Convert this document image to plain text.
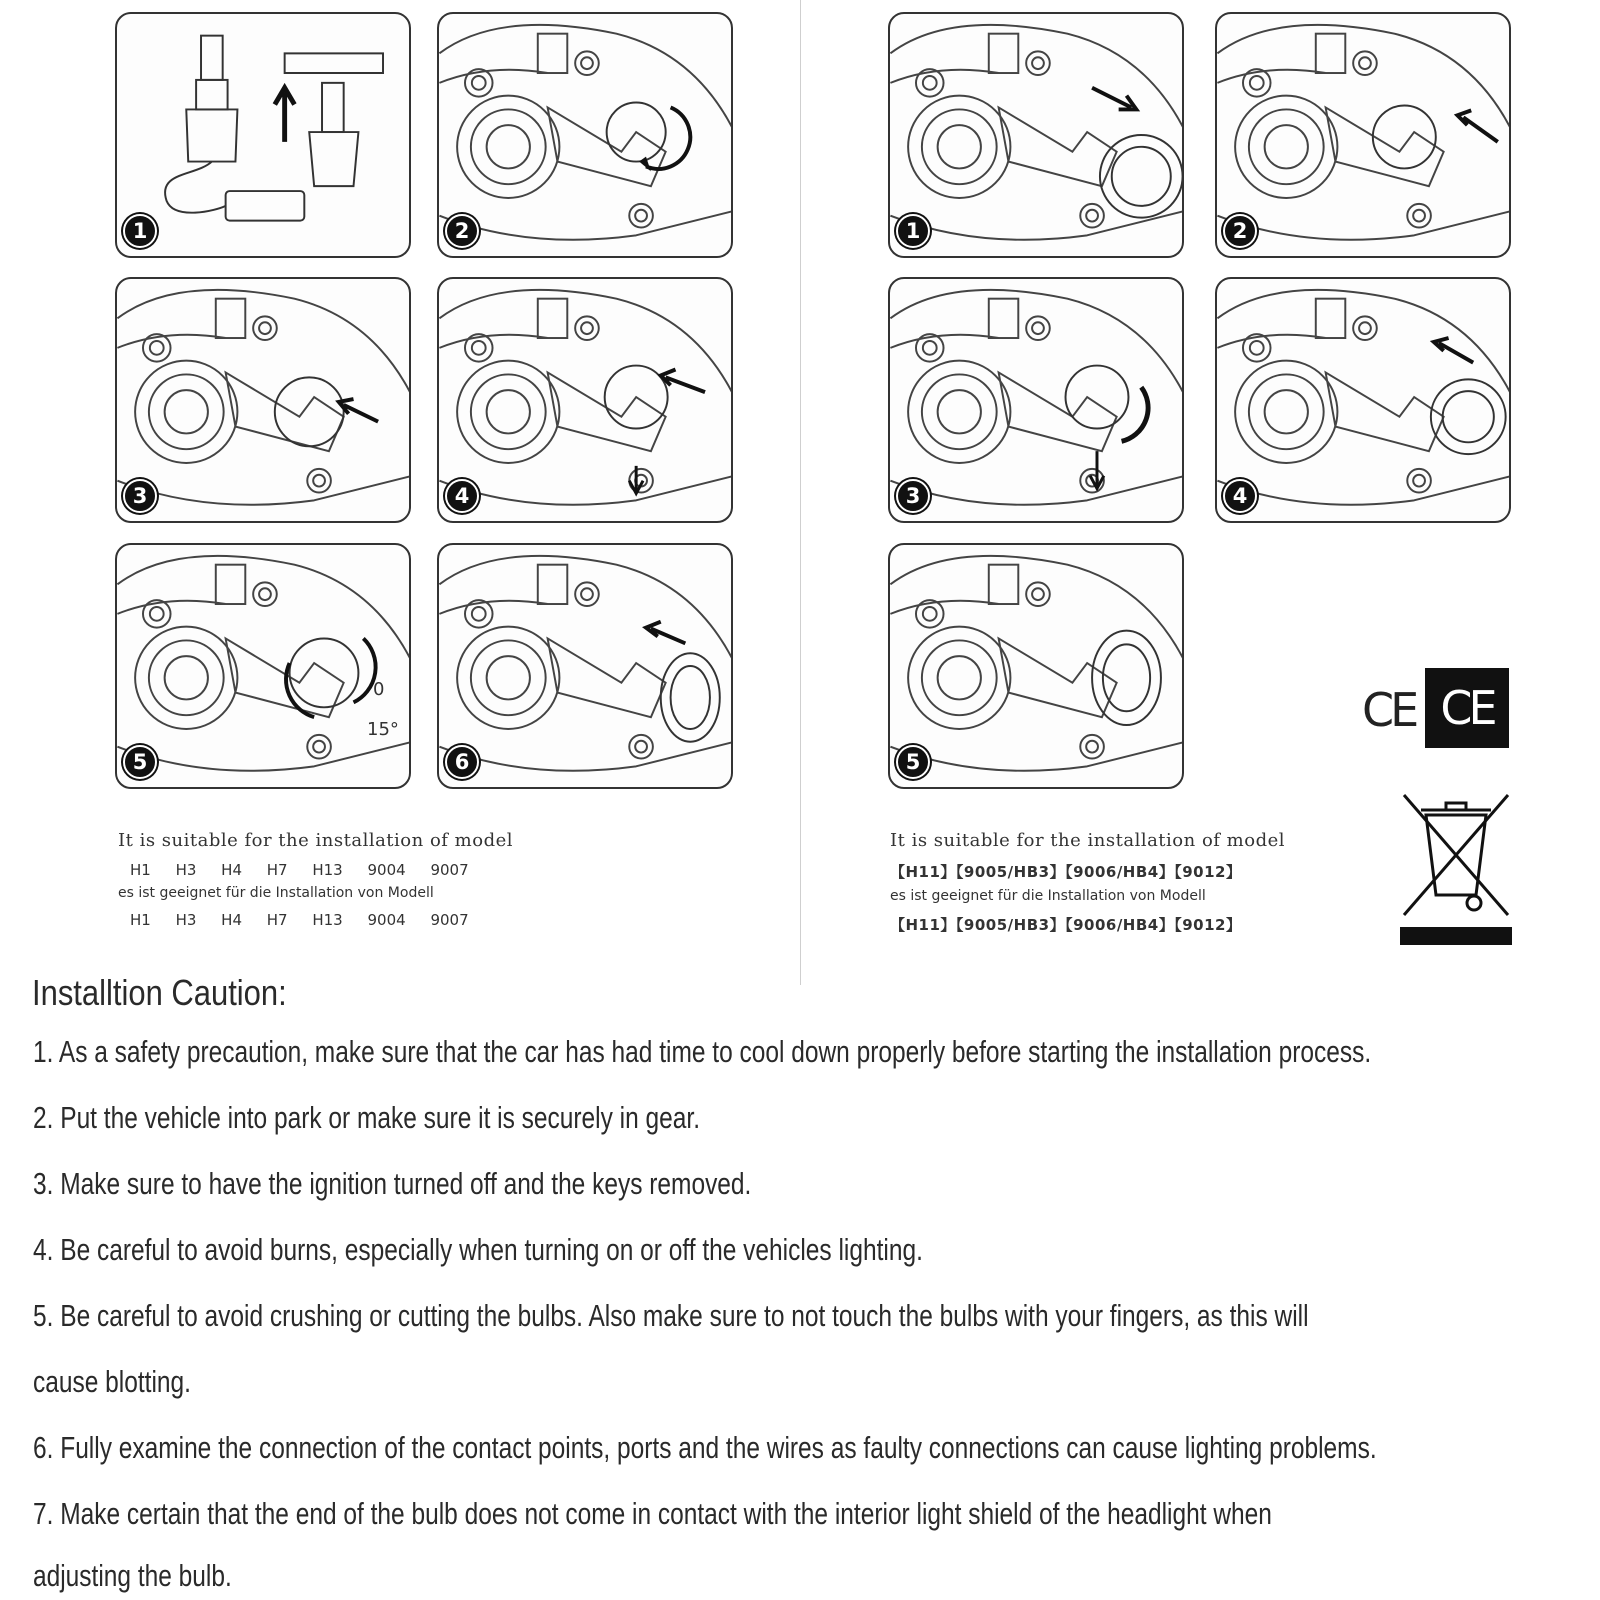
1	2
3	4
0
15°
5	6
It is suitable for the installation of model
H1 H3 H4 H7 H13 9004 9007
es ist geeignet für die Installation von Modell
H1 H3 H4 H7 H13 9004 9007
1	2
3	4
5
It is suitable for the installation of model
【H11】【9005/HB3】【9006/HB4】【9012】
es ist geeignet für die Installation von Modell
【H11】【9005/HB3】【9006/HB4】【9012】
CE CE
Installtion Caution:
1. As a safety precaution, make sure that the car has had time to cool down properly before starting the installation process.
2. Put the vehicle into park or make sure it is securely in gear.
3. Make sure to have the ignition turned off and the keys removed.
4. Be careful to avoid burns, especially when turning on or off the vehicles lighting.
5. Be careful to avoid crushing or cutting the bulbs. Also make sure to not touch the bulbs with your fingers, as this will
cause blotting.
6. Fully examine the connection of the contact points, ports and the wires as faulty connections can cause lighting problems.
7. Make certain that the end of the bulb does not come in contact with the interior light shield of the headlight when
adjusting the bulb.
